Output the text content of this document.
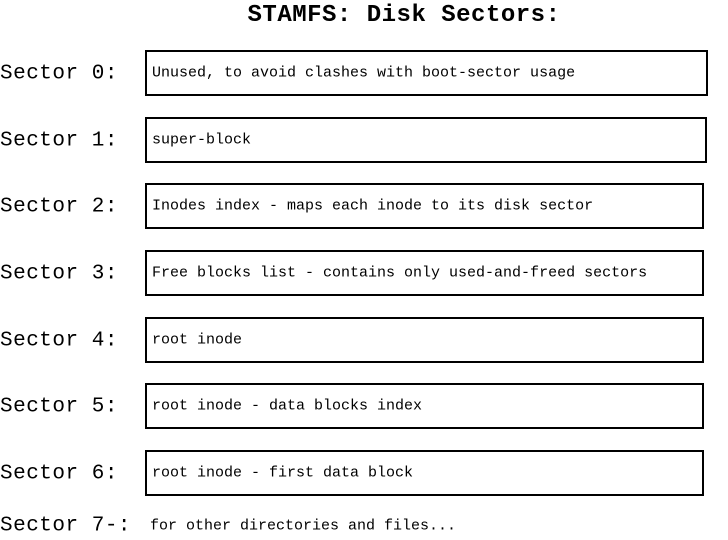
STAMFS: Disk Sectors:
Sector 0: Unused, to avoid clashes with boot-sector usage
Sector 1: super-block
Sector 2: Inodes index - maps each inode to its disk sector
Sector 3: Free blocks list - contains only used-and-freed sectors
Sector 4: root inode
Sector 5: root inode - data blocks index
Sector 6: root inode - first data block
Sector 7-: for other directories and files...
